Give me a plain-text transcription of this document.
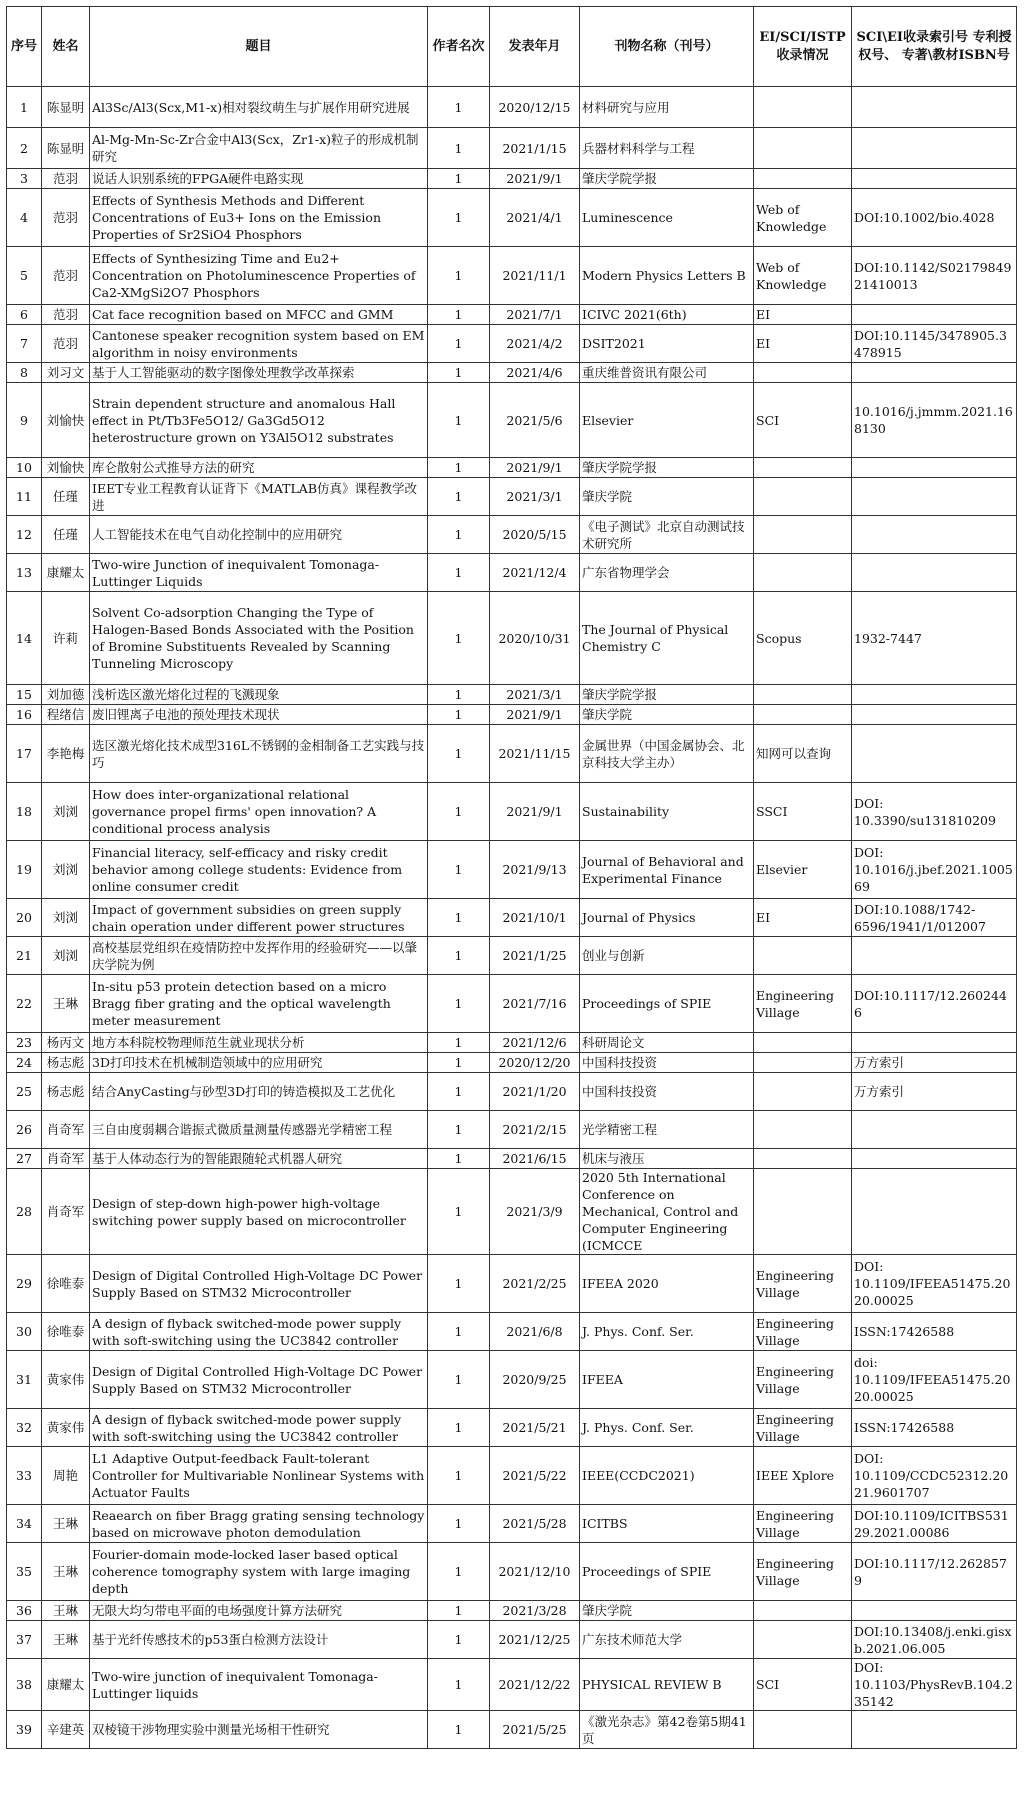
序号	姓名	题目	作者名次	发表年月	刊物名称（刊号）	EI/SCI/ISTP收录情况	SCI\EI收录索引号 专利授权号、 专著\教材ISBN号
1	陈显明	Al3Sc/Al3(Scx,M1-x)相对裂纹萌生与扩展作用研究进展	1	2020/12/15	材料研究与应用		
2	陈显明	Al-Mg-Mn-Sc-Zr合金中Al3(Scx，Zr1-x)粒子的形成机制研究	1	2021/1/15	兵器材料科学与工程		
3	范羽	说话人识别系统的FPGA硬件电路实现	1	2021/9/1	肇庆学院学报		
4	范羽	Effects of Synthesis Methods and Different Concentrations of Eu3+ Ions on the Emission Properties of Sr2SiO4 Phosphors	1	2021/4/1	Luminescence	Web of Knowledge	DOI:10.1002/bio.4028
5	范羽	Effects of Synthesizing Time and Eu2+ Concentration on Photoluminescence Properties of Ca2-XMgSi2O7 Phosphors	1	2021/11/1	Modern Physics Letters B	Web of Knowledge	DOI:10.1142/S0217984921410013
6	范羽	Cat face recognition based on MFCC and GMM	1	2021/7/1	ICIVC 2021(6th)	EI	
7	范羽	Cantonese speaker recognition system based on EM algorithm in noisy environments	1	2021/4/2	DSIT2021	EI	DOI:10.1145/3478905.3478915
8	刘习文	基于人工智能驱动的数字图像处理教学改革探索	1	2021/4/6	重庆维普资讯有限公司		
9	刘愉快	Strain dependent structure and anomalous Hall effect in Pt/Tb3Fe5O12/ Ga3Gd5O12 heterostructure grown on Y3Al5O12 substrates	1	2021/5/6	Elsevier	SCI	10.1016/j.jmmm.2021.168130
10	刘愉快	库仑散射公式推导方法的研究	1	2021/9/1	肇庆学院学报		
11	任瑾	IEET专业工程教育认证背下《MATLAB仿真》课程教学改进	1	2021/3/1	肇庆学院		
12	任瑾	人工智能技术在电气自动化控制中的应用研究	1	2020/5/15	《电子测试》北京自动测试技术研究所		
13	康耀太	Two-wire Junction of inequivalent Tomonaga-Luttinger Liquids	1	2021/12/4	广东省物理学会		
14	许莉	Solvent Co-adsorption Changing the Type of Halogen-Based Bonds Associated with the Position of Bromine Substituents Revealed by Scanning Tunneling Microscopy	1	2020/10/31	The Journal of Physical Chemistry C	Scopus	1932-7447
15	刘加德	浅析选区激光熔化过程的飞溅现象	1	2021/3/1	肇庆学院学报		
16	程绪信	废旧锂离子电池的预处理技术现状	1	2021/9/1	肇庆学院		
17	李艳梅	选区激光熔化技术成型316L不锈钢的金相制备工艺实践与技巧	1	2021/11/15	金属世界（中国金属协会、北京科技大学主办）	知网可以查询	
18	刘浏	How does inter-organizational relational governance propel firms' open innovation? A conditional process analysis	1	2021/9/1	Sustainability	SSCI	DOI: 10.3390/su131810209
19	刘浏	Financial literacy, self-efficacy and risky credit behavior among college students: Evidence from online consumer credit	1	2021/9/13	Journal of Behavioral and Experimental Finance	Elsevier	DOI: 10.1016/j.jbef.2021.100569
20	刘浏	Impact of government subsidies on green supply chain operation under different power structures	1	2021/10/1	Journal of Physics	EI	DOI:10.1088/1742-6596/1941/1/012007
21	刘浏	高校基层党组织在疫情防控中发挥作用的经验研究——以肇庆学院为例	1	2021/1/25	创业与创新		
22	王琳	In-situ p53 protein detection based on a micro Bragg fiber grating and the optical wavelength meter measurement	1	2021/7/16	Proceedings of SPIE	Engineering Village	DOI:10.1117/12.2602446
23	杨丙文	地方本科院校物理师范生就业现状分析	1	2021/12/6	科研周论文		
24	杨志彪	3D打印技术在机械制造领域中的应用研究	1	2020/12/20	中国科技投资		万方索引
25	杨志彪	结合AnyCasting与砂型3D打印的铸造模拟及工艺优化	1	2021/1/20	中国科技投资		万方索引
26	肖奇军	三自由度弱耦合谐振式微质量测量传感器光学精密工程	1	2021/2/15	光学精密工程		
27	肖奇军	基于人体动态行为的智能跟随轮式机器人研究	1	2021/6/15	机床与液压		
28	肖奇军	Design of step-down high-power high-voltage switching power supply based on microcontroller	1	2021/3/9	2020 5th International Conference on Mechanical, Control and Computer Engineering (ICMCCE		
29	徐唯泰	Design of Digital Controlled High-Voltage DC Power Supply Based on STM32 Microcontroller	1	2021/2/25	IFEEA 2020	Engineering Village	DOI: 10.1109/IFEEA51475.2020.00025
30	徐唯泰	A design of flyback switched-mode power supply with soft-switching using the UC3842 controller	1	2021/6/8	J. Phys. Conf. Ser.	Engineering Village	ISSN:17426588
31	黄家伟	Design of Digital Controlled High-Voltage DC Power Supply Based on STM32 Microcontroller	1	2020/9/25	IFEEA	Engineering Village	doi: 10.1109/IFEEA51475.2020.00025
32	黄家伟	A design of flyback switched-mode power supply with soft-switching using the UC3842 controller	1	2021/5/21	J. Phys. Conf. Ser.	Engineering Village	ISSN:17426588
33	周艳	L1 Adaptive Output-feedback Fault-tolerant Controller for Multivariable Nonlinear Systems with Actuator Faults	1	2021/5/22	IEEE(CCDC2021)	IEEE Xplore	DOI: 10.1109/CCDC52312.2021.9601707
34	王琳	Reaearch on fiber Bragg grating sensing technology based on microwave photon demodulation	1	2021/5/28	ICITBS	Engineering Village	DOI:10.1109/ICITBS53129.2021.00086
35	王琳	Fourier-domain mode-locked laser based optical coherence tomography system with large imaging depth	1	2021/12/10	Proceedings of SPIE	Engineering Village	DOI:10.1117/12.2628579
36	王琳	无限大均匀带电平面的电场强度计算方法研究	1	2021/3/28	肇庆学院		
37	王琳	基于光纤传感技术的p53蛋白检测方法设计	1	2021/12/25	广东技术师范大学		DOI:10.13408/j.enki.gisxb.2021.06.005
38	康耀太	Two-wire junction of inequivalent Tomonaga-Luttinger liquids	1	2021/12/22	PHYSICAL REVIEW B	SCI	DOI: 10.1103/PhysRevB.104.235142
39	辛建英	双棱镜干涉物理实验中测量光场相干性研究	1	2021/5/25	《激光杂志》第42卷第5期41页		
